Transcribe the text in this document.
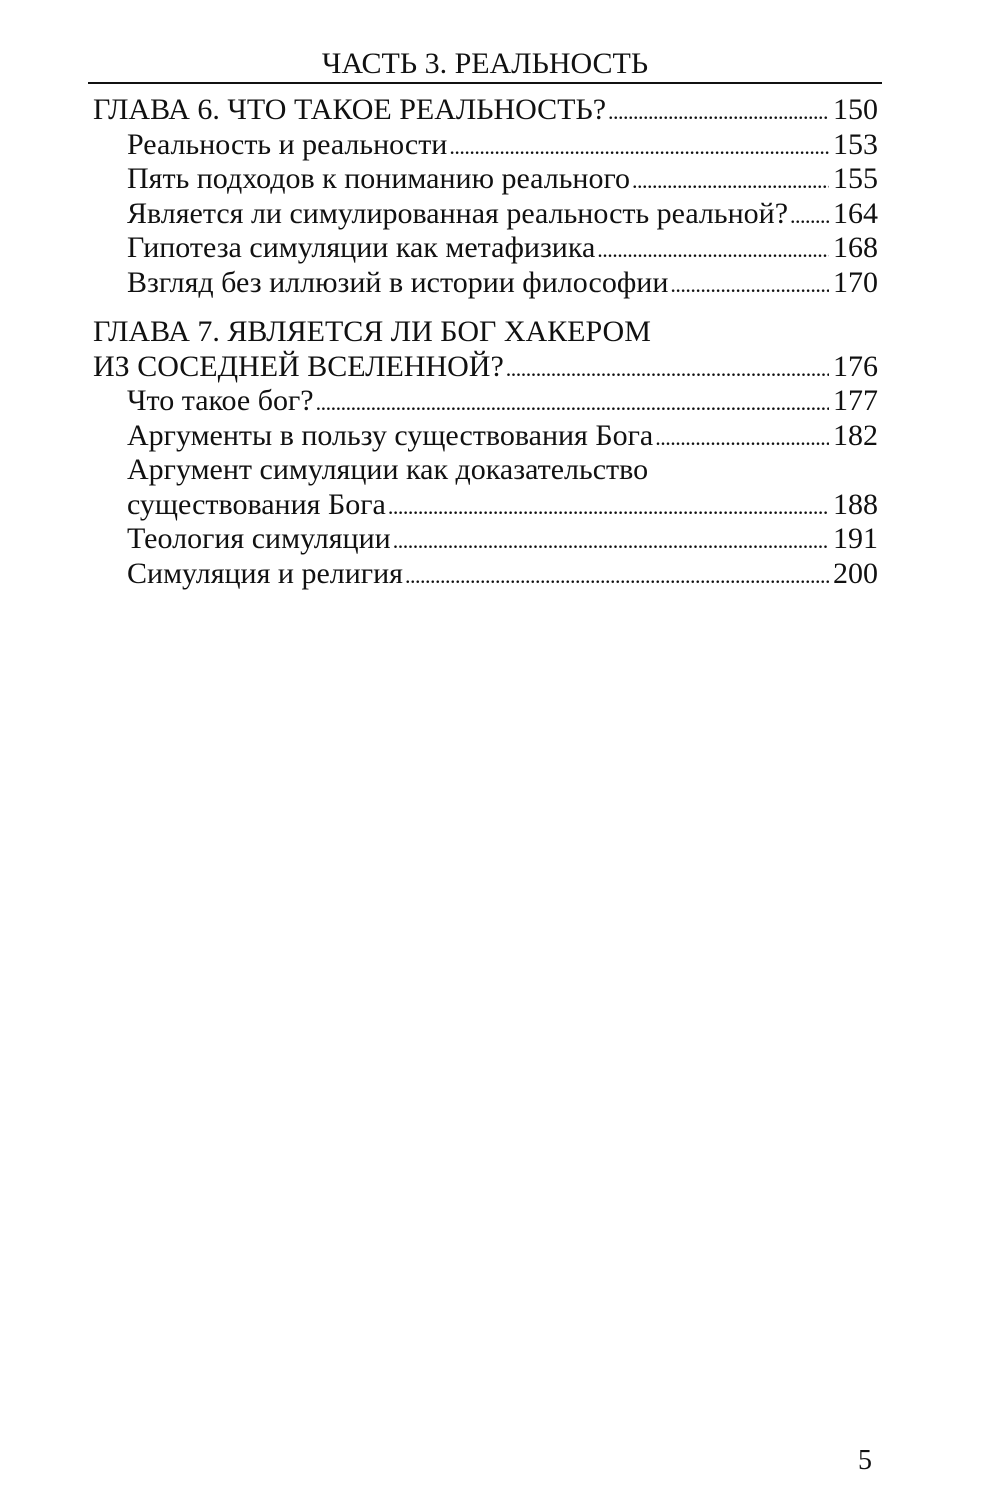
ЧАСТЬ 3. РЕАЛЬНОСТЬ
ГЛАВА 6. ЧТО ТАКОЕ РЕАЛЬНОСТЬ? . . .	150
Реальность и реальности . . .	153
Пять подходов к пониманию реального . . .	155
Является ли симулированная реальность реальной? . . . 164
Гипотеза симуляции как метафизика . . .	168
Взгляд без иллюзий в истории философии . . .	170
ГЛАВА 7. ЯВЛЯЕТСЯ ЛИ БОГ ХАКЕРОМ
ИЗ СОСЕДНЕЙ ВСЕЛЕННОЙ? . . .	176
Что такое бог? . . .	177
Аргументы в пользу существования Бога . . .	182
Аргумент симуляции как доказательство
существования Бога . . .	188
Теология симуляции . . .	191
Симуляция и религия . . .	200
5
